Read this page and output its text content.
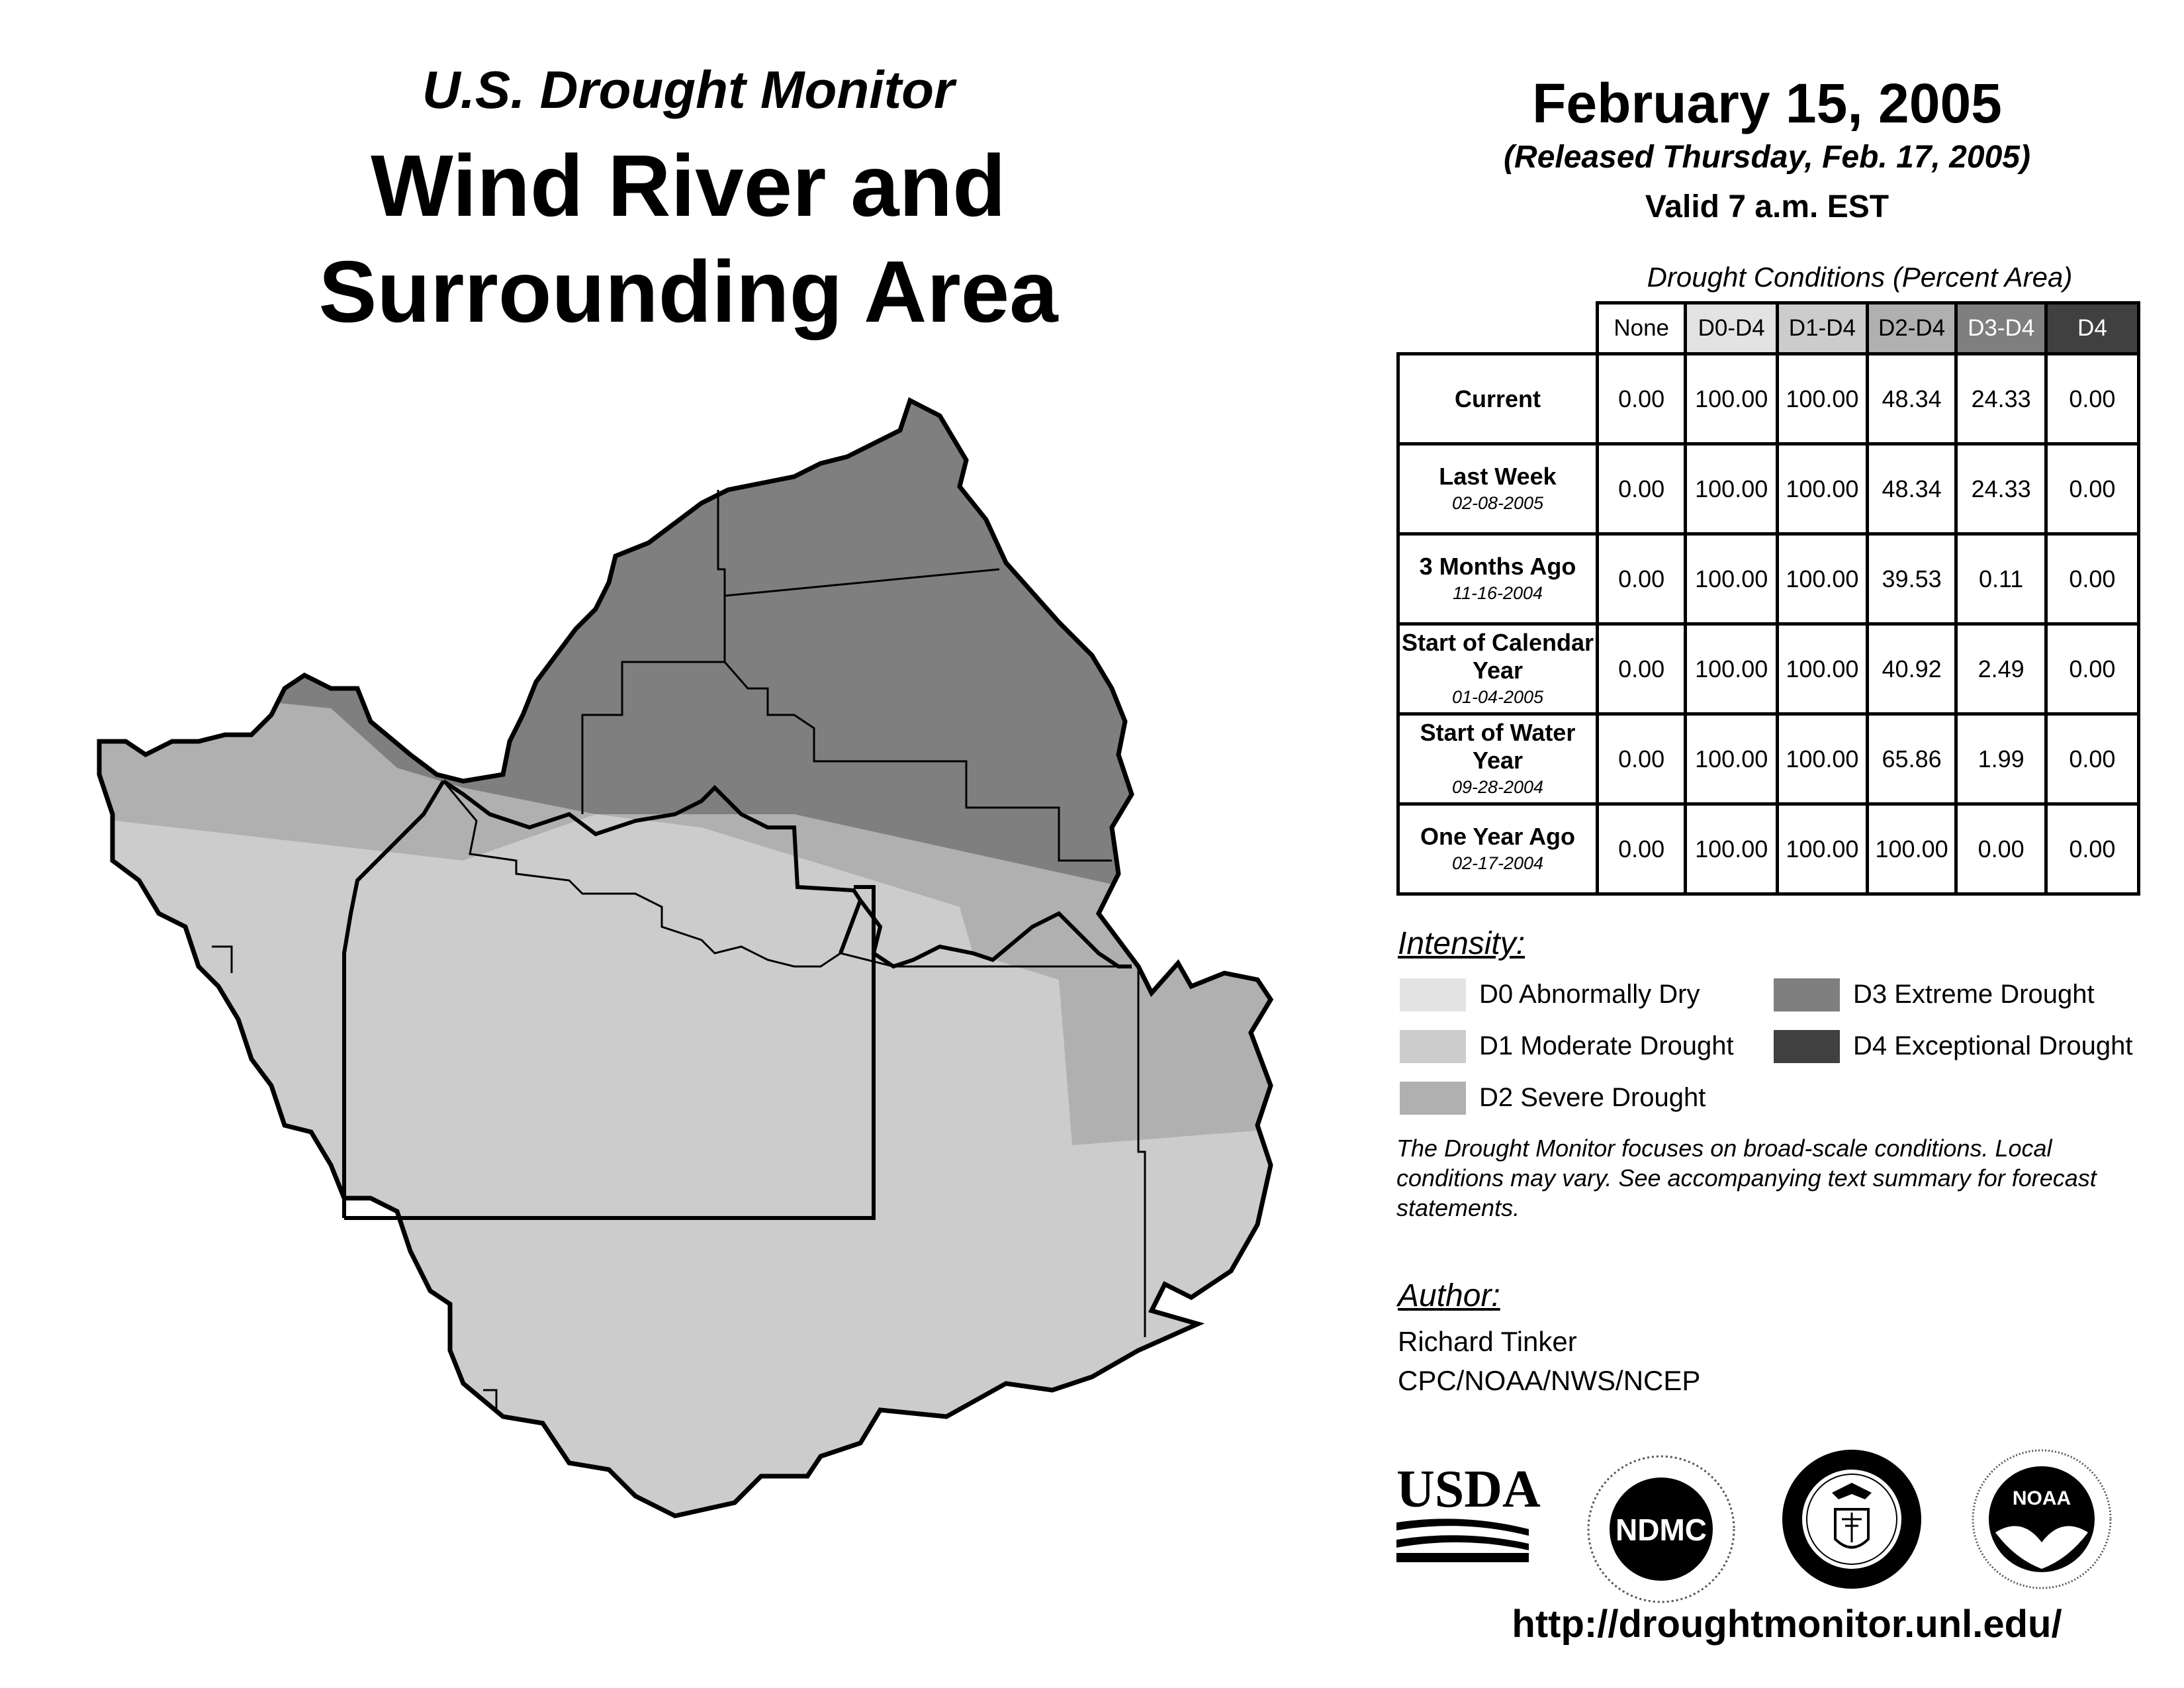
U.S. Drought Monitor
Wind River and
Surrounding Area
February 15, 2005
(Released Thursday, Feb. 17, 2005)
Valid 7 a.m. EST
Drought Conditions (Percent Area)
	None	D0-D4	D1-D4	D2-D4	D3-D4	D4

Current	0.00	100.00	100.00	48.34	24.33	0.00

Last Week
02-08-2005	0.00	100.00	100.00	48.34	24.33	0.00

3 Months Ago
11-16-2004	0.00	100.00	100.00	39.53	0.11	0.00

Start of Calendar Year
01-04-2005	0.00	100.00	100.00	40.92	2.49	0.00

Start of Water Year
09-28-2004	0.00	100.00	100.00	65.86	1.99	0.00

One Year Ago
02-17-2004	0.00	100.00	100.00	100.00	0.00	0.00
Intensity:
D0 Abnormally Dry
D1 Moderate Drought
D2 Severe Drought
D3 Extreme Drought
D4 Exceptional Drought
The Drought Monitor focuses on broad-scale conditions. Local conditions may vary. See accompanying text summary for forecast statements.
Author:
Richard Tinker
CPC/NOAA/NWS/NCEP
USDA
NDMC
NOAA
http://droughtmonitor.unl.edu/
